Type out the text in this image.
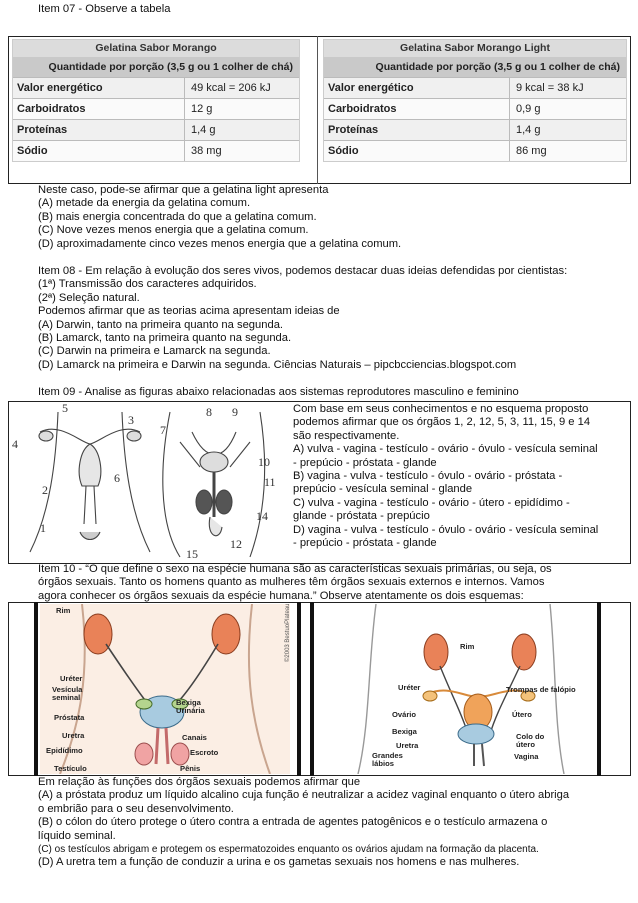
Item 07 - Observe a tabela
Gelatina Sabor Morango
Quantidade por porção (3,5 g ou 1 colher de chá)
Valor energético	49 kcal = 206 kJ
Carboidratos	12 g
Proteínas	1,4 g
Sódio	38 mg
Gelatina Sabor Morango Light
Quantidade por porção (3,5 g ou 1 colher de chá)
Valor energético	9 kcal = 38 kJ
Carboidratos	0,9 g
Proteínas	1,4 g
Sódio	86 mg
Neste caso, pode-se afirmar que a gelatina light apresenta
(A) metade da energia da gelatina comum.
(B) mais energia concentrada do que a gelatina comum.
(C) Nove vezes menos energia que a gelatina comum.
(D) aproximadamente cinco vezes menos energia que a gelatina comum.
Item 08 - Em relação à evolução dos seres vivos, podemos destacar duas ideias defendidas por cientistas:
(1ª) Transmissão dos caracteres adquiridos.
(2ª) Seleção natural.
Podemos afirmar que as teorias acima apresentam ideias de
(A) Darwin, tanto na primeira quanto na segunda.
(B) Lamarck, tanto na primeira quanto na segunda.
(C) Darwin na primeira e Lamarck na segunda.
(D) Lamarck na primeira e Darwin na segunda. Ciências Naturais – pipcbcciencias.blogspot.com
Item 09 - Analise as figuras abaixo relacionadas aos sistemas reprodutores masculino e feminino
5
4
3
6
2
1
8 9
7
10
11
12
15
14
Com base em seus conhecimentos e no esquema proposto
podemos afirmar que os órgãos 1, 2, 12, 5, 3, 11, 15, 9 e 14
são respectivamente.
A) vulva - vagina - testículo - ovário - óvulo - vesícula seminal
- prepúcio - próstata - glande
B) vagina - vulva - testículo - óvulo - ovário - próstata -
prepúcio - vesícula seminal - glande
C) vulva - vagina - testículo - ovário - útero - epidídimo -
glande - próstata - prepúcio
D) vagina - vulva - testículo - óvulo - ovário - vesícula seminal
- prepúcio - próstata - glande
Item 10 - “O que define o sexo na espécie humana são as características sexuais primárias, ou seja, os
órgãos sexuais. Tanto os homens quanto as mulheres têm órgãos sexuais externos e internos. Vamos
agora conhecer os órgãos sexuais da espécie humana.” Observe atentamente os dois esquemas:
Rim
Uréter
Vesícula seminal
Próstata
Uretra
Epidídimo
Testículo
Bexiga Urinária
Canais
Escroto
Pênis
©2003 BestuoPlateau	Rim
Uréter	Trompas de falópio
Ovário	Útero
Bexiga
Uretra
Grandes lábios
Colo do útero
Vagina
Em relação às funções dos órgãos sexuais podemos afirmar que
(A) a próstata produz um líquido alcalino cuja função é neutralizar a acidez vaginal enquanto o útero abriga
o embrião para o seu desenvolvimento.
(B) o cólon do útero protege o útero contra a entrada de agentes patogênicos e o testículo armazena o
líquido seminal.
(C) os testículos abrigam e protegem os espermatozoides enquanto os ovários ajudam na formação da placenta.
(D) A uretra tem a função de conduzir a urina e os gametas sexuais nos homens e nas mulheres.
